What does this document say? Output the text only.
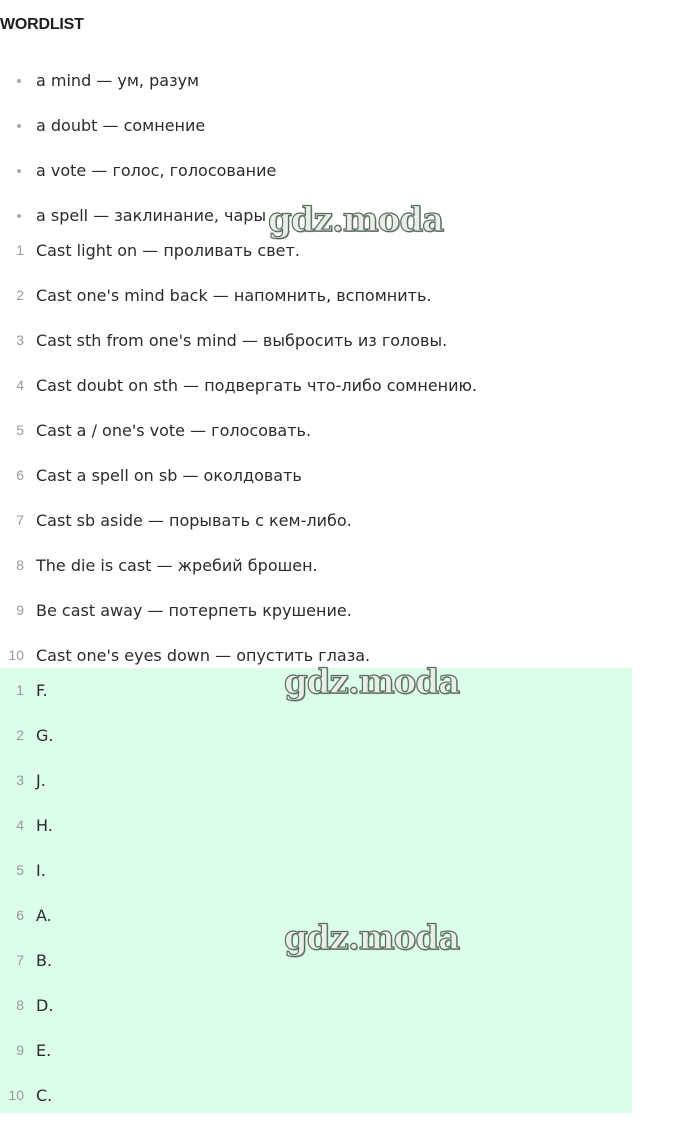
WORDLIST
a mind — ум, разум
a doubt — сомнение
a vote — голос, голосование
a spell — заклинание, чары
1 Cast light on — проливать свет.
2 Cast one's mind back — напомнить, вспомнить.
3 Cast sth from one's mind — выбросить из головы.
4 Cast doubt on sth — подвергать что-либо сомнению.
5 Cast a / one's vote — голосовать.
6 Cast a spell on sb — околдовать
7 Cast sb aside — порывать с кем-либо.
8 The die is cast — жребий брошен.
9 Be cast away — потерпеть крушение.
10 Cast one's eyes down — опустить глаза.
1 F.
2 G.
3 J.
4 H.
5 I.
6 A.
7 B.
8 D.
9 E.
10 C.
gdz.moda
gdz.moda
gdz.moda
